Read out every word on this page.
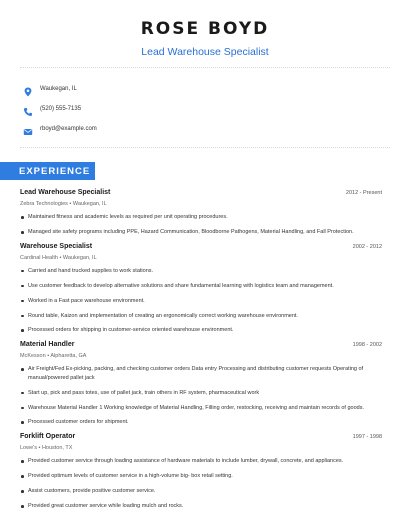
ROSE BOYD
Lead Warehouse Specialist
Waukegan, IL
(520) 555-7135
rboyd@example.com
EXPERIENCE
Lead Warehouse Specialist	2012 - Present
Zebra Technologies • Waukegan, IL
Maintained fitness and academic levels as required per unit operating procedures.
Managed site safety programs including PPE, Hazard Communication, Bloodborne Pathogens, Material Handling, and Fall Protection.
Warehouse Specialist	2002 - 2012
Cardinal Health • Waukegan, IL
Carried and hand trucked supplies to work stations.
Use customer feedback to develop alternative solutions and share fundamental learning with logistics team and management.
Worked in a Fast pace warehouse environment.
Round table, Kaizon and implementation of creating an ergonomically correct working warehouse environment.
Processed orders for shipping in customer-service oriented warehouse environment.
Material Handler	1998 - 2002
McKesson • Alpharetta, GA
Air Freight/Fed Ex-picking, packing, and checking customer orders Data entry Processing and distributing customer requests Operating of manual/powered pallet jack
Start up, pick and pass totes, use of pallet jack, train others in RF system, pharmaceutical work
Warehouse Material Handler 1 Working knowledge of Material Handling, Filling order, restocking, receiving and maintain records of goods.
Processed customer orders for shipment.
Forklift Operator	1997 - 1998
Lowe's • Houston, TX
Provided customer service through loading assistance of hardware materials to include lumber, drywall, concrete, and appliances.
Provided optimum levels of customer service in a high-volume big- box retail setting.
Assist customers, provide positive customer service.
Provided great customer service while loading mulch and rocks.
